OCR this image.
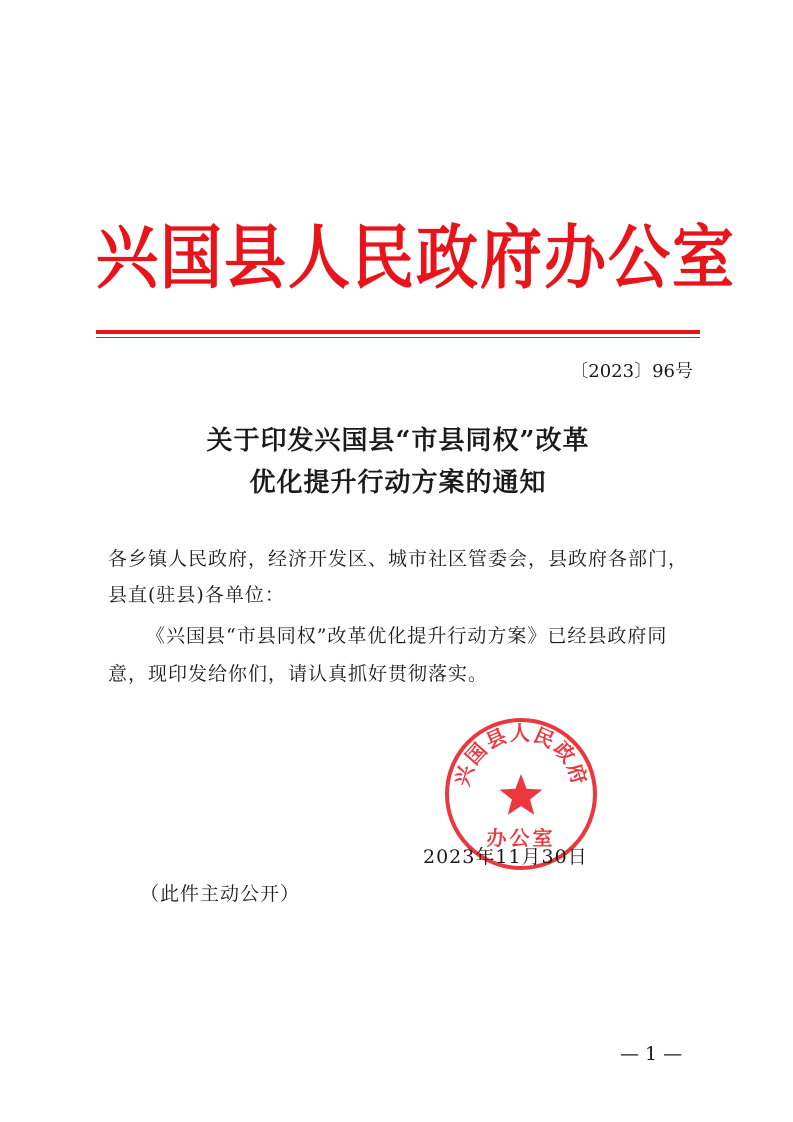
兴国县人民政府办公室
〔2023〕96号
关于印发兴国县“市县同权”改革
优化提升行动方案的通知
各乡镇人民政府，经济开发区、城市社区管委会，县政府各部门，县直(驻县)各单位：
《兴国县“市县同权”改革优化提升行动方案》已经县政府同意，现印发给你们，请认真抓好贯彻落实。
兴国县人民政府
办公室
2023年11月30日
（此件主动公开）
— 1 —
